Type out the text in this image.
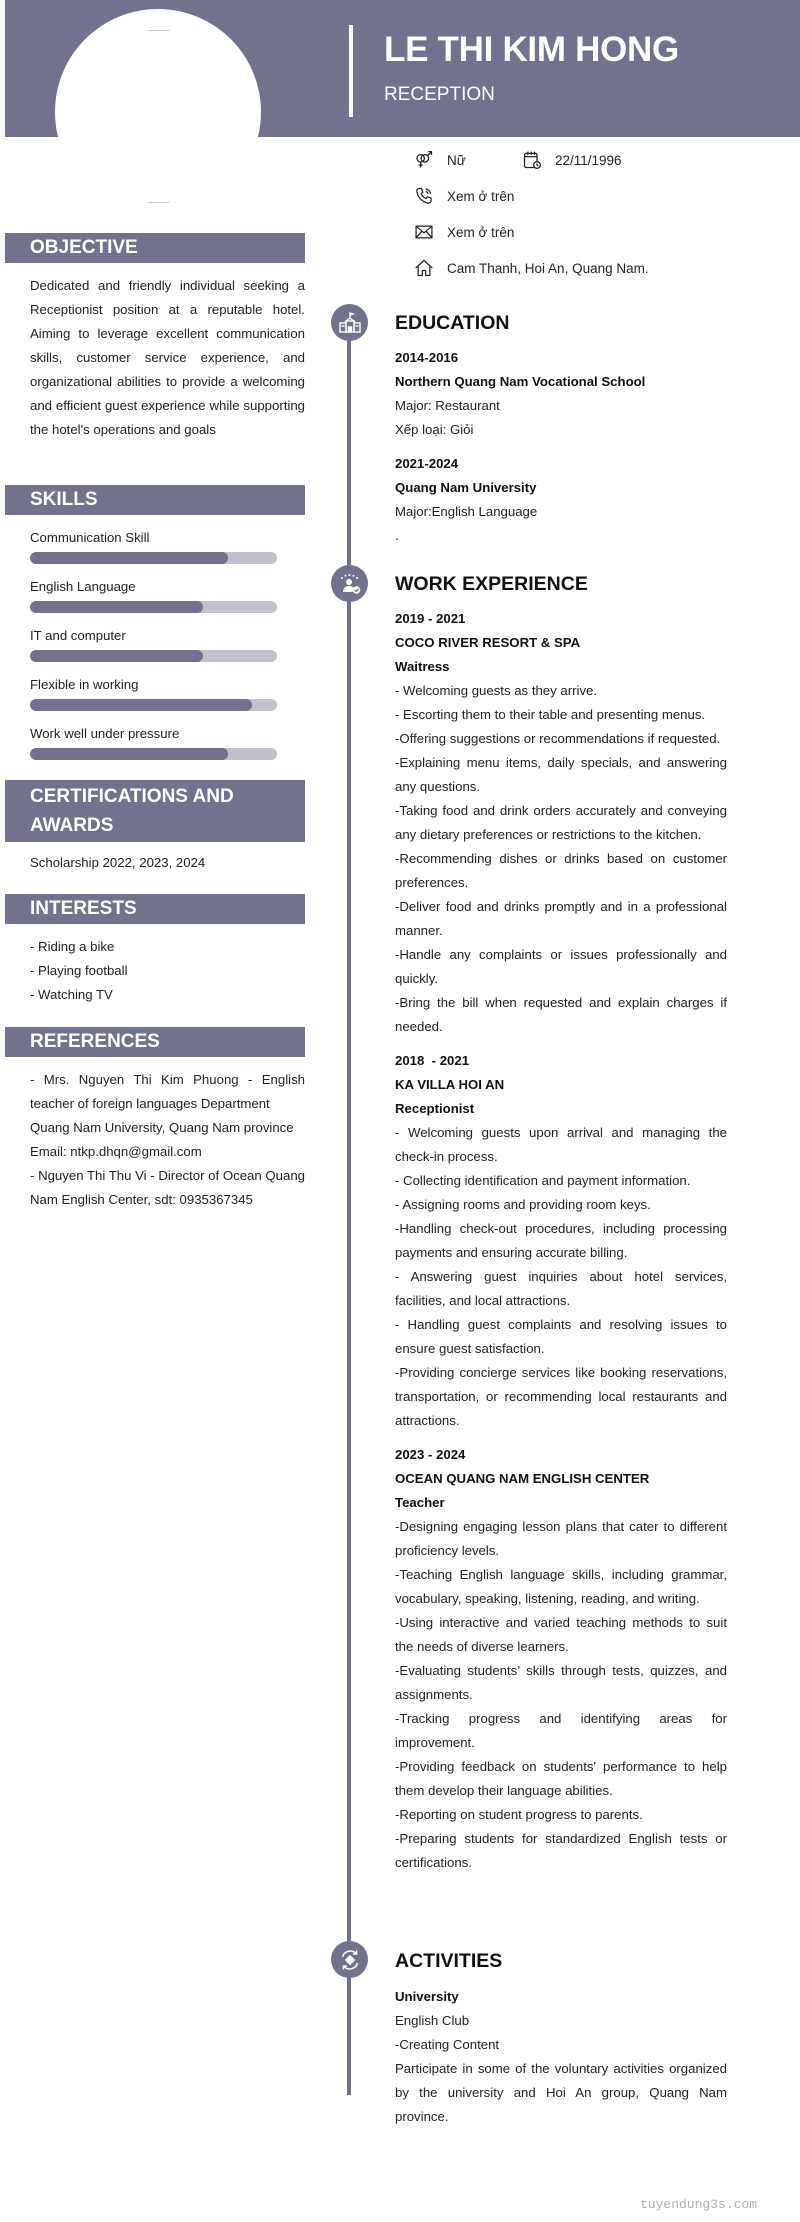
LE THI KIM HONG
RECEPTION
Nữ	22/11/1996
Xem ở trên
Xem ở trên
Cam Thanh, Hoi An, Quang Nam.
OBJECTIVE
Dedicated and friendly individual seeking a Receptionist position at a reputable hotel. Aiming to leverage excellent communication skills, customer service experience, and organizational abilities to provide a welcoming and efficient guest experience while supporting the hotel's operations and goals
SKILLS
Communication Skill
English Language
IT and computer
Flexible in working
Work well under pressure
CERTIFICATIONS AND
AWARDS
Scholarship 2022, 2023, 2024
INTERESTS
- Riding a bike
- Playing football
- Watching TV
REFERENCES
- Mrs. Nguyen Thi Kim Phuong - English teacher of foreign languages Department
Quang Nam University, Quang Nam province
Email: ntkp.dhqn@gmail.com
- Nguyen Thi Thu Vi - Director of Ocean Quang Nam English Center, sdt: 0935367345
EDUCATION
2014-2016
Northern Quang Nam Vocational School
Major: Restaurant
Xếp loại: Giỏi
2021-2024
Quang Nam University
Major:English Language
.
WORK EXPERIENCE
2019 - 2021
COCO RIVER RESORT & SPA
Waitress
- Welcoming guests as they arrive.
- Escorting them to their table and presenting menus.
-Offering suggestions or recommendations if requested.
-Explaining menu items, daily specials, and answering any questions.
-Taking food and drink orders accurately and conveying any dietary preferences or restrictions to the kitchen.
-Recommending dishes or drinks based on customer preferences.
-Deliver food and drinks promptly and in a professional manner.
-Handle any complaints or issues professionally and quickly.
-Bring the bill when requested and explain charges if needed.
2018  - 2021
KA VILLA HOI AN
Receptionist
- Welcoming guests upon arrival and managing the check-in process.
- Collecting identification and payment information.
- Assigning rooms and providing room keys.
-Handling check-out procedures, including processing payments and ensuring accurate billing.
- Answering guest inquiries about hotel services, facilities, and local attractions.
- Handling guest complaints and resolving issues to ensure guest satisfaction.
-Providing concierge services like booking reservations, transportation, or recommending local restaurants and attractions.
2023 - 2024
OCEAN QUANG NAM ENGLISH CENTER
Teacher
-Designing engaging lesson plans that cater to different proficiency levels.
-Teaching English language skills, including grammar, vocabulary, speaking, listening, reading, and writing.
-Using interactive and varied teaching methods to suit the needs of diverse learners.
-Evaluating students’ skills through tests, quizzes, and assignments.
-Tracking progress and identifying areas for improvement.
-Providing feedback on students' performance to help them develop their language abilities.
-Reporting on student progress to parents.
-Preparing students for standardized English tests or certifications.
ACTIVITIES
University
English Club
-Creating Content
Participate in some of the voluntary activities organized by the university and Hoi An group, Quang Nam province.
tuyendung3s.com
